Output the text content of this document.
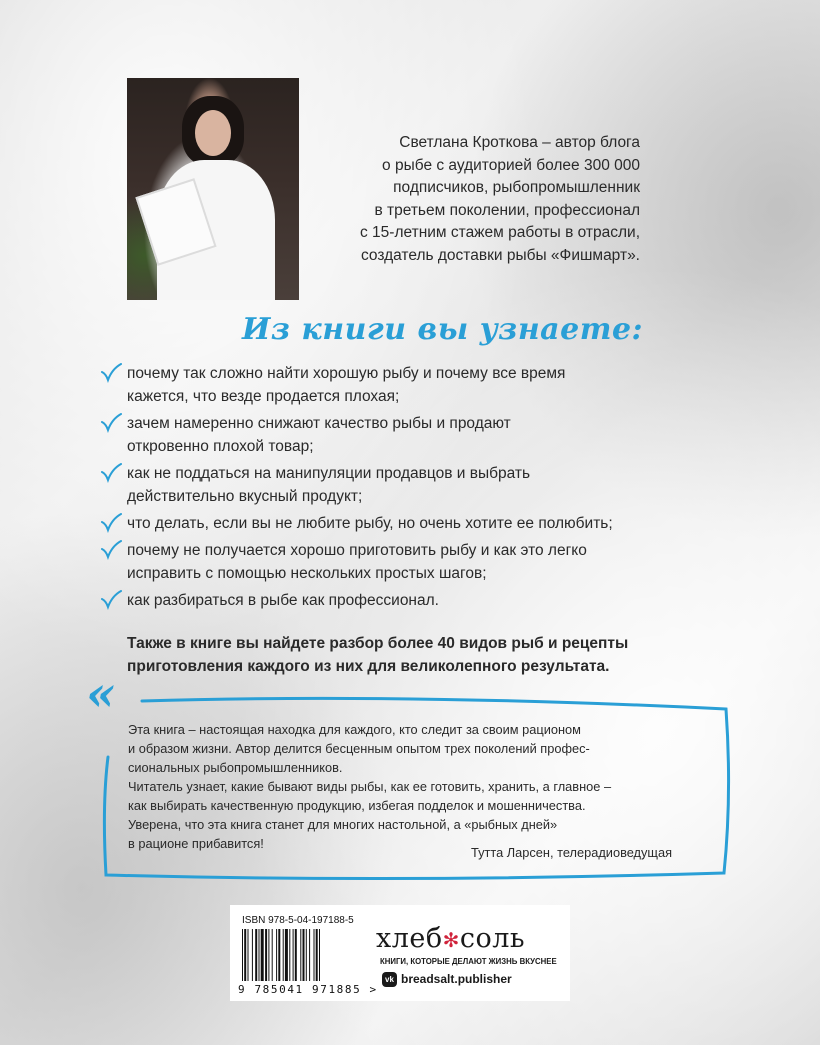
Светлана Кроткова – автор блога
о рыбе с аудиторией более 300 000
подписчиков, рыбопромышленник
в третьем поколении, профессионал
с 15-летним стажем работы в отрасли,
создатель доставки рыбы «Фишмарт».

Из книги вы узнаете:
почему так сложно найти хорошую рыбу и почему все время
кажется, что везде продается плохая;
зачем намеренно снижают качество рыбы и продают
откровенно плохой товар;
как не поддаться на манипуляции продавцов и выбрать
действительно вкусный продукт;
что делать, если вы не любите рыбу, но очень хотите ее полюбить;
почему не получается хорошо приготовить рыбу и как это легко
исправить с помощью нескольких простых шагов;
как разбираться в рыбе как профессионал.

Также в книге вы найдете разбор более 40 видов рыб и рецепты
приготовления каждого из них для великолепного результата.

«

Эта книга – настоящая находка для каждого, кто следит за своим рационом
и образом жизни. Автор делится бесценным опытом трех поколений профес-
сиональных рыбопромышленников.
Читатель узнает, какие бывают виды рыбы, как ее готовить, хранить, а главное –
как выбирать качественную продукцию, избегая подделок и мошенничества.
Уверена, что эта книга станет для многих настольной, а «рыбных дней»
в рационе прибавится!

Тутта Ларсен, телерадиоведущая

ISBN 978-5-04-197188-5
9 785041 971885 >
хлеб✻соль
КНИГИ, КОТОРЫЕ ДЕЛАЮТ ЖИЗНЬ ВКУСНЕЕ
vk breadsalt.publisher
